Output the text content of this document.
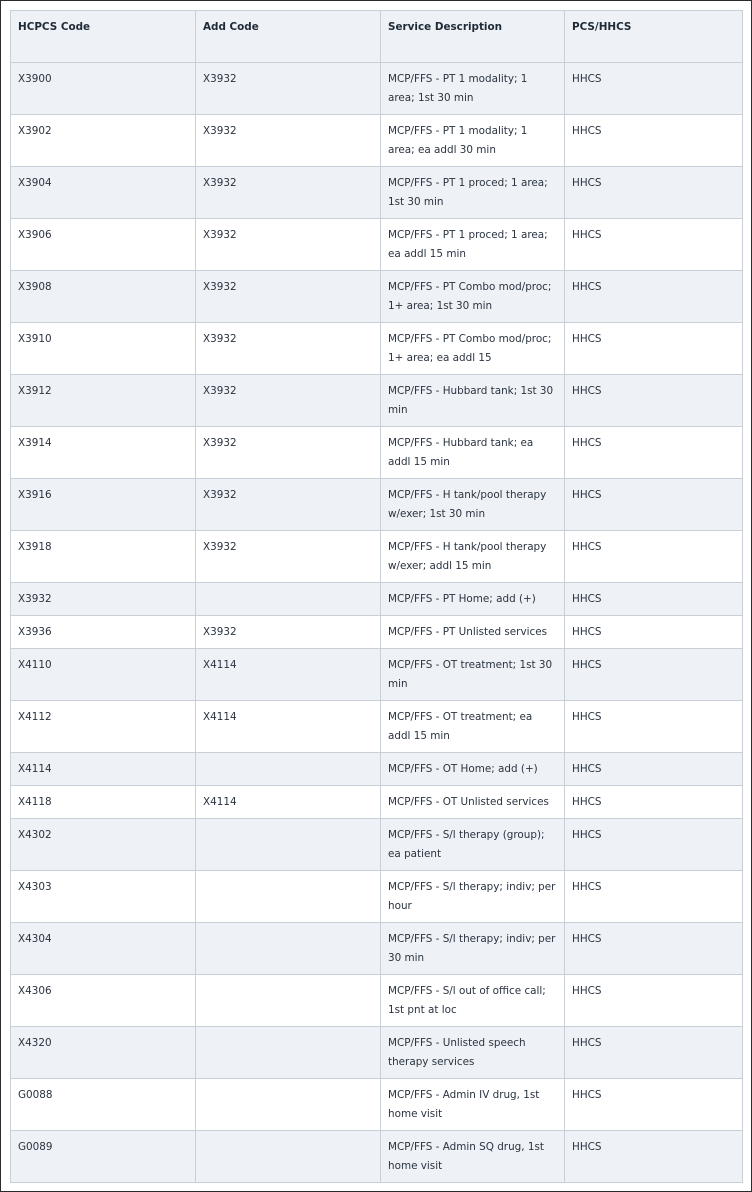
HCPCS Code	Add Code	Service Description	PCS/HHCS
X3900	X3932	MCP/FFS - PT 1 modality; 1 area; 1st 30 min	HHCS
X3902	X3932	MCP/FFS - PT 1 modality; 1 area; ea addl 30 min	HHCS
X3904	X3932	MCP/FFS - PT 1 proced; 1 area; 1st 30 min	HHCS
X3906	X3932	MCP/FFS - PT 1 proced; 1 area; ea addl 15 min	HHCS
X3908	X3932	MCP/FFS - PT Combo mod/proc; 1+ area; 1st 30 min	HHCS
X3910	X3932	MCP/FFS - PT Combo mod/proc; 1+ area; ea addl 15	HHCS
X3912	X3932	MCP/FFS - Hubbard tank; 1st 30 min	HHCS
X3914	X3932	MCP/FFS - Hubbard tank; ea addl 15 min	HHCS
X3916	X3932	MCP/FFS - H tank/pool therapy w/exer; 1st 30 min	HHCS
X3918	X3932	MCP/FFS - H tank/pool therapy w/exer; addl 15 min	HHCS
X3932		MCP/FFS - PT Home; add (+)	HHCS
X3936	X3932	MCP/FFS - PT Unlisted services	HHCS
X4110	X4114	MCP/FFS - OT treatment; 1st 30 min	HHCS
X4112	X4114	MCP/FFS - OT treatment; ea addl 15 min	HHCS
X4114		MCP/FFS - OT Home; add (+)	HHCS
X4118	X4114	MCP/FFS - OT Unlisted services	HHCS
X4302		MCP/FFS - S/l therapy (group); ea patient	HHCS
X4303		MCP/FFS - S/l therapy; indiv; per hour	HHCS
X4304		MCP/FFS - S/l therapy; indiv; per 30 min	HHCS
X4306		MCP/FFS - S/l out of office call; 1st pnt at loc	HHCS
X4320		MCP/FFS - Unlisted speech therapy services	HHCS
G0088		MCP/FFS - Admin IV drug, 1st home visit	HHCS
G0089		MCP/FFS - Admin SQ drug, 1st home visit	HHCS
